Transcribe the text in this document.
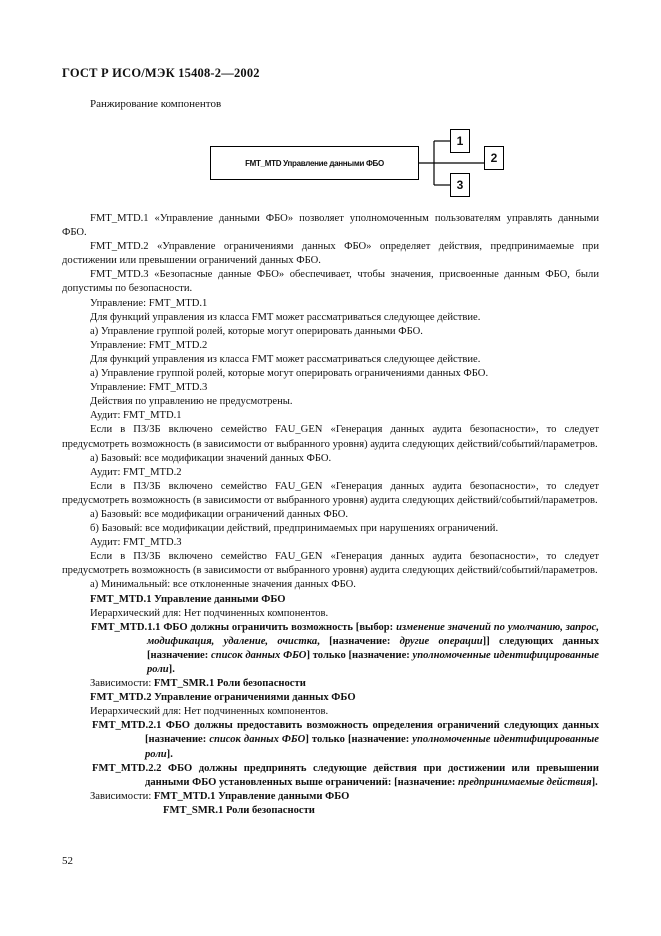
ГОСТ Р ИСО/МЭК 15408-2—2002
Ранжирование компонентов
FMT_MTD Управление данными ФБО
1
2
3

FMT_MTD.1 «Управление данными ФБО» позволяет уполномоченным пользователям управлять данными ФБО.

FMT_MTD.2 «Управление ограничениями данных ФБО» определяет действия, предпринимаемые при достижении или превышении ограничений данных ФБО.

FMT_MTD.3 «Безопасные данные ФБО» обеспечивает, чтобы значения, присвоенные данным ФБО, были допустимы по безопасности.

Управление: FMT_MTD.1

Для функций управления из класса FMT может рассматриваться следующее действие.

а) Управление группой ролей, которые могут оперировать данными ФБО.

Управление: FMT_MTD.2

Для функций управления из класса FMT может рассматриваться следующее действие.

а) Управление группой ролей, которые могут оперировать ограничениями данных ФБО.

Управление: FMT_MTD.3

Действия по управлению не предусмотрены.

Аудит: FMT_MTD.1

Если в ПЗ/ЗБ включено семейство FAU_GEN «Генерация данных аудита безопасности», то следует предусмотреть возможность (в зависимости от выбранного уровня) аудита следующих действий/событий/параметров.

а) Базовый: все модификации значений данных ФБО.

Аудит: FMT_MTD.2

Если в ПЗ/ЗБ включено семейство FAU_GEN «Генерация данных аудита безопасности», то следует предусмотреть возможность (в зависимости от выбранного уровня) аудита следующих действий/событий/параметров.

а) Базовый: все модификации ограничений данных ФБО.

б) Базовый: все модификации действий, предпринимаемых при нарушениях ограничений.

Аудит: FMT_MTD.3

Если в ПЗ/ЗБ включено семейство FAU_GEN «Генерация данных аудита безопасности», то следует предусмотреть возможность (в зависимости от выбранного уровня) аудита следующих действий/событий/параметров.

а) Минимальный: все отклоненные значения данных ФБО.

FMT_MTD.1 Управление данными ФБО

Иерархический для: Нет подчиненных компонентов.

FMT_MTD.1.1 ФБО должны ограничить возможность [выбор: изменение значений по умолчанию, запрос, модификация, удаление, очистка, [назначение: другие операции]] следующих данных [назначение: список данных ФБО] только [назначение: уполномоченные идентифицированные роли].

Зависимости: FMT_SMR.1 Роли безопасности

FMT_MTD.2 Управление ограничениями данных ФБО

Иерархический для: Нет подчиненных компонентов.

FMT_MTD.2.1 ФБО должны предоставить возможность определения ограничений следующих данных [назначение: список данных ФБО] только [назначение: уполномоченные идентифицированные роли].

FMT_MTD.2.2 ФБО должны предпринять следующие действия при достижении или превышении данными ФБО установленных выше ограничений: [назначение: предпринимаемые действия].

Зависимости: FMT_MTD.1 Управление данными ФБО

FMT_SMR.1 Роли безопасности

52
